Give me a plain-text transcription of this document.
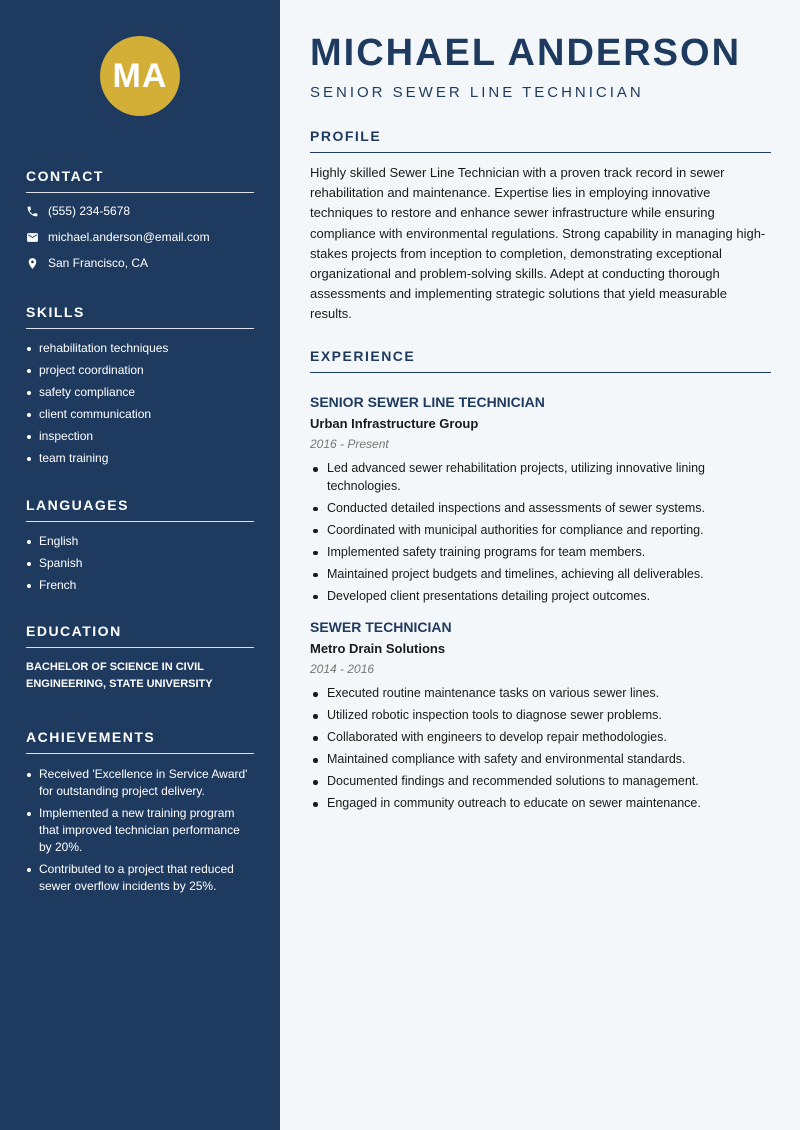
MA
CONTACT
(555) 234-5678
michael.anderson@email.com
San Francisco, CA
SKILLS
rehabilitation techniques
project coordination
safety compliance
client communication
inspection
team training
LANGUAGES
English
Spanish
French
EDUCATION
BACHELOR OF SCIENCE IN CIVIL ENGINEERING, STATE UNIVERSITY
ACHIEVEMENTS
Received 'Excellence in Service Award' for outstanding project delivery.
Implemented a new training program that improved technician performance by 20%.
Contributed to a project that reduced sewer overflow incidents by 25%.
MICHAEL ANDERSON
SENIOR SEWER LINE TECHNICIAN
PROFILE
Highly skilled Sewer Line Technician with a proven track record in sewer rehabilitation and maintenance. Expertise lies in employing innovative techniques to restore and enhance sewer infrastructure while ensuring compliance with environmental regulations. Strong capability in managing high-stakes projects from inception to completion, demonstrating exceptional organizational and problem-solving skills. Adept at conducting thorough assessments and implementing strategic solutions that yield measurable results.
EXPERIENCE
SENIOR SEWER LINE TECHNICIAN
Urban Infrastructure Group
2016 - Present
Led advanced sewer rehabilitation projects, utilizing innovative lining technologies.
Conducted detailed inspections and assessments of sewer systems.
Coordinated with municipal authorities for compliance and reporting.
Implemented safety training programs for team members.
Maintained project budgets and timelines, achieving all deliverables.
Developed client presentations detailing project outcomes.
SEWER TECHNICIAN
Metro Drain Solutions
2014 - 2016
Executed routine maintenance tasks on various sewer lines.
Utilized robotic inspection tools to diagnose sewer problems.
Collaborated with engineers to develop repair methodologies.
Maintained compliance with safety and environmental standards.
Documented findings and recommended solutions to management.
Engaged in community outreach to educate on sewer maintenance.
